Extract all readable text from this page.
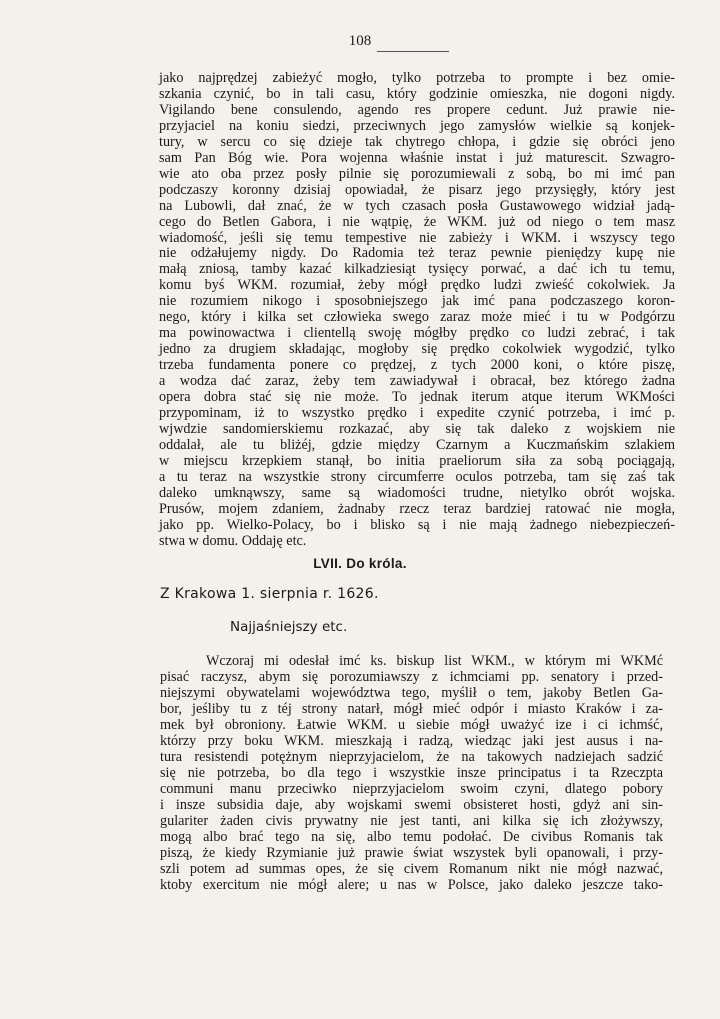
108
jako najprędzej zabieżyć mogło, tylko potrzeba to prompte i bez omie-
szkania czynić, bo in tali casu, który godzinie omieszka, nie dogoni nigdy.
Vigilando bene consulendo, agendo res propere cedunt. Już prawie nie-
przyjaciel na koniu siedzi, przeciwnych jego zamysłów wielkie są konjek-
tury, w sercu co się dzieje tak chytrego chłopa, i gdzie się obróci jeno
sam Pan Bóg wie. Pora wojenna właśnie instat i już maturescit. Szwagro-
wie ato oba przez posły pilnie się porozumiewali z sobą, bo mi imć pan
podczaszy koronny dzisiaj opowiadał, że pisarz jego przysięgły, który jest
na Lubowli, dał znać, że w tych czasach posła Gustawowego widział jadą-
cego do Betlen Gabora, i nie wątpię, że WKM. już od niego o tem masz
wiadomość, jeśli się temu tempestive nie zabieży i WKM. i wszyscy tego
nie odżałujemy nigdy. Do Radomia też teraz pewnie pieniędzy kupę nie
małą zniosą, tamby kazać kilkadziesiąt tysięcy porwać, a dać ich tu temu,
komu byś WKM. rozumiał, żeby mógł prędko ludzi zwieść cokolwiek. Ja
nie rozumiem nikogo i sposobniejszego jak imć pana podczaszego koron-
nego, który i kilka set człowieka swego zaraz może mieć i tu w Podgórzu
ma powinowactwa i clientellą swoję mógłby prędko co ludzi zebrać, i tak
jedno za drugiem składając, mogłoby się prędko cokolwiek wygodzić, tylko
trzeba fundamenta ponere co prędzej, z tych 2000 koni, o które piszę,
a wodza dać zaraz, żeby tem zawiadywał i obracał, bez którego żadna
opera dobra stać się nie może. To jednak iterum atque iterum WKMości
przypominam, iż to wszystko prędko i expedite czynić potrzeba, i imć p.
wjwdzie sandomierskiemu rozkazać, aby się tak daleko z wojskiem nie
oddalał, ale tu bliżéj, gdzie między Czarnym a Kuczmańskim szlakiem
w miejscu krzepkiem stanął, bo initia praeliorum siła za sobą pociągają,
a tu teraz na wszystkie strony circumferre oculos potrzeba, tam się zaś tak
daleko umknąwszy, same są wiadomości trudne, nietylko obrót wojska.
Prusów, mojem zdaniem, żadnaby rzecz teraz bardziej ratować nie mogła,
jako pp. Wielko-Polacy, bo i blisko są i nie mają żadnego niebezpieczeń-
stwa w domu. Oddaję etc.
LVII. Do króla.
Z Krakowa 1. sierpnia r. 1626.
Najjaśniejszy etc.
Wczoraj mi odesłał imć ks. biskup list WKM., w którym mi WKMć
pisać raczysz, abym się porozumiawszy z ichmciami pp. senatory i przed-
niejszymi obywatelami województwa tego, myślił o tem, jakoby Betlen Ga-
bor, jeśliby tu z téj strony natarł, mógł mieć odpór i miasto Kraków i za-
mek był obroniony. Łatwie WKM. u siebie mógł uważyć ize i ci ichmść,
którzy przy boku WKM. mieszkają i radzą, wiedząc jaki jest ausus i na-
tura resistendi potężnym nieprzyjacielom, że na takowych nadziejach sadzić
się nie potrzeba, bo dla tego i wszystkie insze principatus i ta Rzeczpta
communi manu przeciwko nieprzyjacielom swoim czyni, dlatego pobory
i insze subsidia daje, aby wojskami swemi obsisteret hosti, gdyż ani sin-
gulariter żaden civis prywatny nie jest tanti, ani kilka się ich złożywszy,
mogą albo brać tego na się, albo temu podołać. De civibus Romanis tak
piszą, że kiedy Rzymianie już prawie świat wszystek byli opanowali, i przy-
szli potem ad summas opes, że się civem Romanum nikt nie mógł nazwać,
ktoby exercitum nie mógł alere; u nas w Polsce, jako daleko jeszcze tako-
